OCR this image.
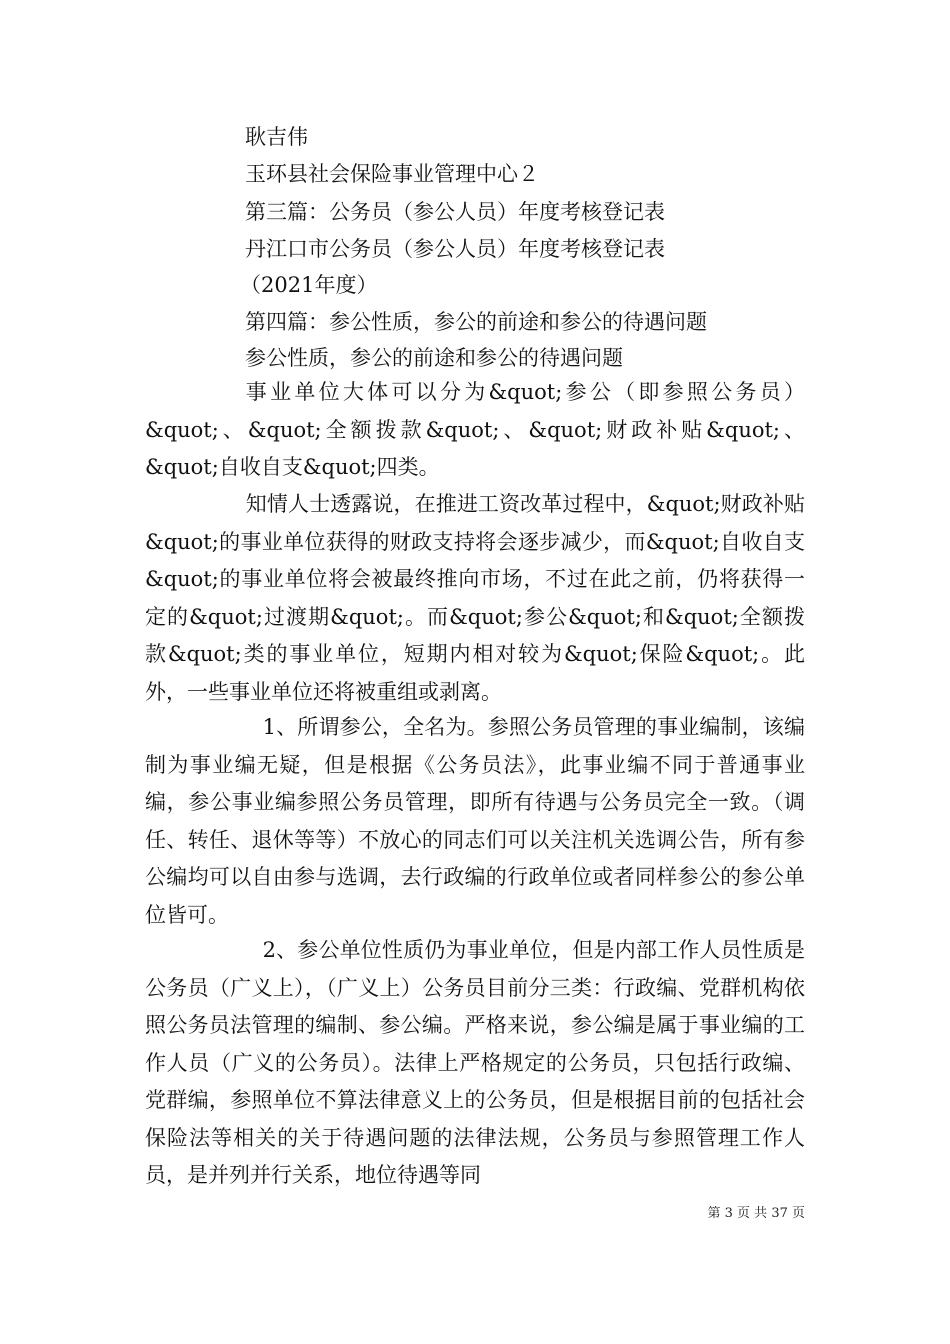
耿吉伟
玉环县社会保险事业管理中心２
第三篇：公务员（参公人员）年度考核登记表
丹江口市公务员（参公人员）年度考核登记表
（2021年度）
第四篇：参公性质，参公的前途和参公的待遇问题
参公性质，参公的前途和参公的待遇问题

事业单位大体可以分为&quot;参公（即参照公务员）&quot;、&quot;全额拨款&quot;、&quot;财政补贴&quot;、&quot;自收自支&quot;四类。

知情人士透露说，在推进工资改革过程中，&quot;财政补贴&quot;的事业单位获得的财政支持将会逐步减少，而&quot;自收自支&quot;的事业单位将会被最终推向市场，不过在此之前，仍将获得一定的&quot;过渡期&quot;。而&quot;参公&quot;和&quot;全额拨款&quot;类的事业单位，短期内相对较为&quot;保险&quot;。此外，一些事业单位还将被重组或剥离。

1、所谓参公，全名为。参照公务员管理的事业编制，该编制为事业编无疑，但是根据《公务员法》，此事业编不同于普通事业编，参公事业编参照公务员管理，即所有待遇与公务员完全一致。（调任、转任、退休等等）不放心的同志们可以关注机关选调公告，所有参公编均可以自由参与选调，去行政编的行政单位或者同样参公的参公单位皆可。

2、参公单位性质仍为事业单位，但是内部工作人员性质是公务员（广义上），（广义上）公务员目前分三类：行政编、党群机构依照公务员法管理的编制、参公编。严格来说，参公编是属于事业编的工作人员（广义的公务员）。法律上严格规定的公务员，只包括行政编、党群编，参照单位不算法律意义上的公务员，但是根据目前的包括社会保险法等相关的关于待遇问题的法律法规，公务员与参照管理工作人员，是并列并行关系，地位待遇等同

第 3 页 共 37 页
